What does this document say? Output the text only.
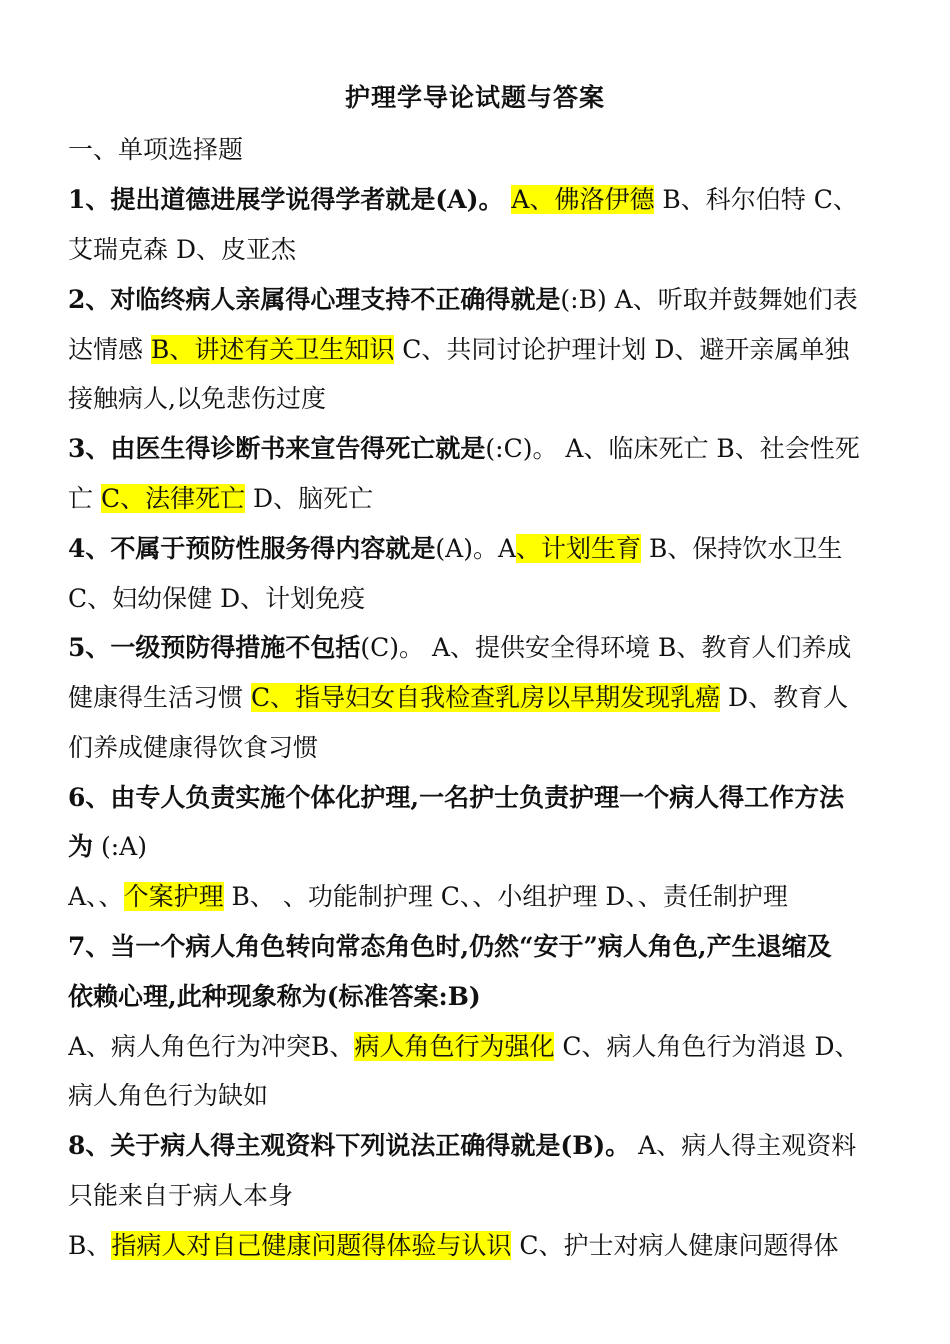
护理学导论试题与答案
一、单项选择题
1、提出道德进展学说得学者就是(A)。 A、佛洛伊德 B、科尔伯特 C、
艾瑞克森 D、皮亚杰
2、对临终病人亲属得心理支持不正确得就是(:B) A、听取并鼓舞她们表
达情感 B、讲述有关卫生知识 C、共同讨论护理计划 D、避开亲属单独
接触病人,以免悲伤过度
3、由医生得诊断书来宣告得死亡就是(:C)。 A、临床死亡 B、社会性死
亡 C、法律死亡 D、脑死亡
4、不属于预防性服务得内容就是(A)。A、计划生育 B、保持饮水卫生
C、妇幼保健 D、计划免疫
5、一级预防得措施不包括(C)。 A、提供安全得环境 B、教育人们养成
健康得生活习惯 C、指导妇女自我检查乳房以早期发现乳癌 D、教育人
们养成健康得饮食习惯
6、由专人负责实施个体化护理,一名护士负责护理一个病人得工作方法
为 (:A)
A、、个案护理 B、 、功能制护理 C、、小组护理 D、、责任制护理
7、当一个病人角色转向常态角色时,仍然“安于”病人角色,产生退缩及
依赖心理,此种现象称为(标准答案:B)
A、病人角色行为冲突B、病人角色行为强化 C、病人角色行为消退 D、
病人角色行为缺如
8、关于病人得主观资料下列说法正确得就是(B)。 A、病人得主观资料
只能来自于病人本身
B、指病人对自己健康问题得体验与认识 C、护士对病人健康问题得体
